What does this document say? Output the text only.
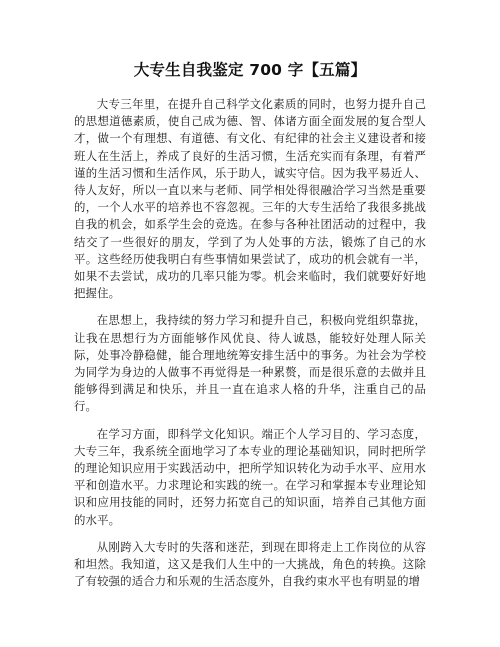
大专生自我鉴定 700 字【五篇】

大专三年里，在提升自己科学文化素质的同时，也努力提升自己的思想道德素质，使自己成为德、智、体诸方面全面发展的复合型人才，做一个有理想、有道德、有文化、有纪律的社会主义建设者和接班人在生活上，养成了良好的生活习惯，生活充实而有条理，有着严谨的生活习惯和生活作风，乐于助人，诚实守信。因为我平易近人、待人友好，所以一直以来与老师、同学相处得很融洽学习当然是重要的，一个人水平的培养也不容忽视。三年的大专生活给了我很多挑战自我的机会，如系学生会的竞选。在参与各种社团活动的过程中，我结交了一些很好的朋友，学到了为人处事的方法，锻炼了自己的水平。这些经历使我明白有些事情如果尝试了，成功的机会就有一半，如果不去尝试，成功的几率只能为零。机会来临时，我们就要好好地把握住。

在思想上，我持续的努力学习和提升自己，积极向党组织靠拢，让我在思想行为方面能够作风优良、待人诚恳，能较好处理人际关际，处事冷静稳健，能合理地统筹安排生活中的事务。为社会为学校为同学为身边的人做事不再觉得是一种累赘，而是很乐意的去做并且能够得到满足和快乐，并且一直在追求人格的升华，注重自己的品行。

在学习方面，即科学文化知识。端正个人学习目的、学习态度，大专三年，我系统全面地学习了本专业的理论基础知识，同时把所学的理论知识应用于实践活动中，把所学知识转化为动手水平、应用水平和创造水平。力求理论和实践的统一。在学习和掌握本专业理论知识和应用技能的同时，还努力拓宽自己的知识面，培养自己其他方面的水平。

从刚跨入大专时的失落和迷茫，到现在即将走上工作岗位的从容和坦然。我知道，这又是我们人生中的一大挑战，角色的转换。这除了有较强的适合力和乐观的生活态度外，自我约束水平也有明显的增
